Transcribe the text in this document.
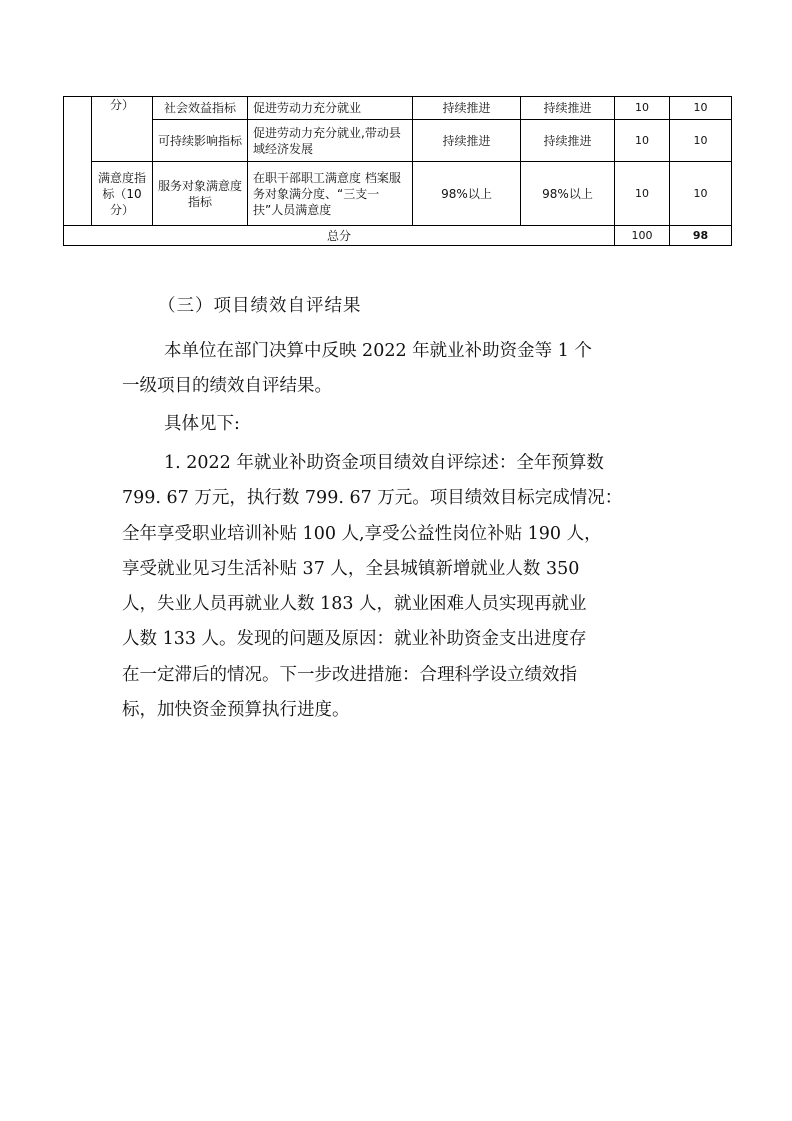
	分）	社会效益指标	促进劳动力充分就业	持续推进	持续推进	10	10
		可持续影响指标	促进劳动力充分就业,带动县域经济发展	持续推进	持续推进	10	10
	满意度指标（10分）	服务对象满意度指标	在职干部职工满意度 档案服务对象满分度、“三支一扶”人员满意度	98%以上	98%以上	10	10
总分						100	98
（三）项目绩效自评结果
本单位在部门决算中反映 2022 年就业补助资金等 1 个
一级项目的绩效自评结果。
具体见下:
1. 2022 年就业补助资金项目绩效自评综述：全年预算数
799. 67 万元，执行数 799. 67 万元。项目绩效目标完成情况：
全年享受职业培训补贴 100 人,享受公益性岗位补贴 190 人，
享受就业见习生活补贴 37 人，全县城镇新增就业人数 350
人，失业人员再就业人数 183 人，就业困难人员实现再就业
人数 133 人。发现的问题及原因：就业补助资金支出进度存
在一定滞后的情况。下一步改进措施：合理科学设立绩效指
标，加快资金预算执行进度。
